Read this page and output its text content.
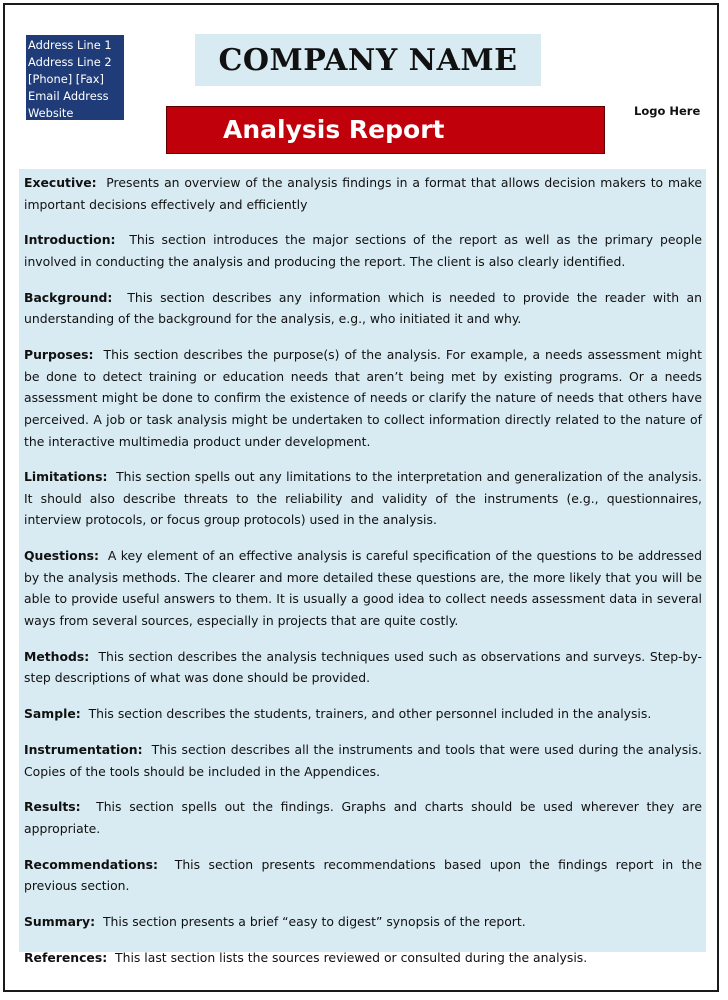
Address Line 1
Address Line 2
[Phone] [Fax]
Email Address
Website
COMPANY NAME
Analysis Report
Logo Here

Executive: Presents an overview of the analysis findings in a format that allows decision makers to make important decisions effectively and efficiently

Introduction: This section introduces the major sections of the report as well as the primary people involved in conducting the analysis and producing the report. The client is also clearly identified.

Background: This section describes any information which is needed to provide the reader with an understanding of the background for the analysis, e.g., who initiated it and why.

Purposes: This section describes the purpose(s) of the analysis. For example, a needs assessment might be done to detect training or education needs that aren’t being met by existing programs. Or a needs assessment might be done to confirm the existence of needs or clarify the nature of needs that others have perceived. A job or task analysis might be undertaken to collect information directly related to the nature of the interactive multimedia product under development.

Limitations: This section spells out any limitations to the interpretation and generalization of the analysis. It should also describe threats to the reliability and validity of the instruments (e.g., questionnaires, interview protocols, or focus group protocols) used in the analysis.

Questions: A key element of an effective analysis is careful specification of the questions to be addressed by the analysis methods. The clearer and more detailed these questions are, the more likely that you will be able to provide useful answers to them. It is usually a good idea to collect needs assessment data in several ways from several sources, especially in projects that are quite costly.

Methods: This section describes the analysis techniques used such as observations and surveys. Step-by-step descriptions of what was done should be provided.

Sample: This section describes the students, trainers, and other personnel included in the analysis.

Instrumentation: This section describes all the instruments and tools that were used during the analysis. Copies of the tools should be included in the Appendices.

Results: This section spells out the findings. Graphs and charts should be used wherever they are appropriate.

Recommendations: This section presents recommendations based upon the findings report in the previous section.

Summary: This section presents a brief “easy to digest” synopsis of the report.

References: This last section lists the sources reviewed or consulted during the analysis.
